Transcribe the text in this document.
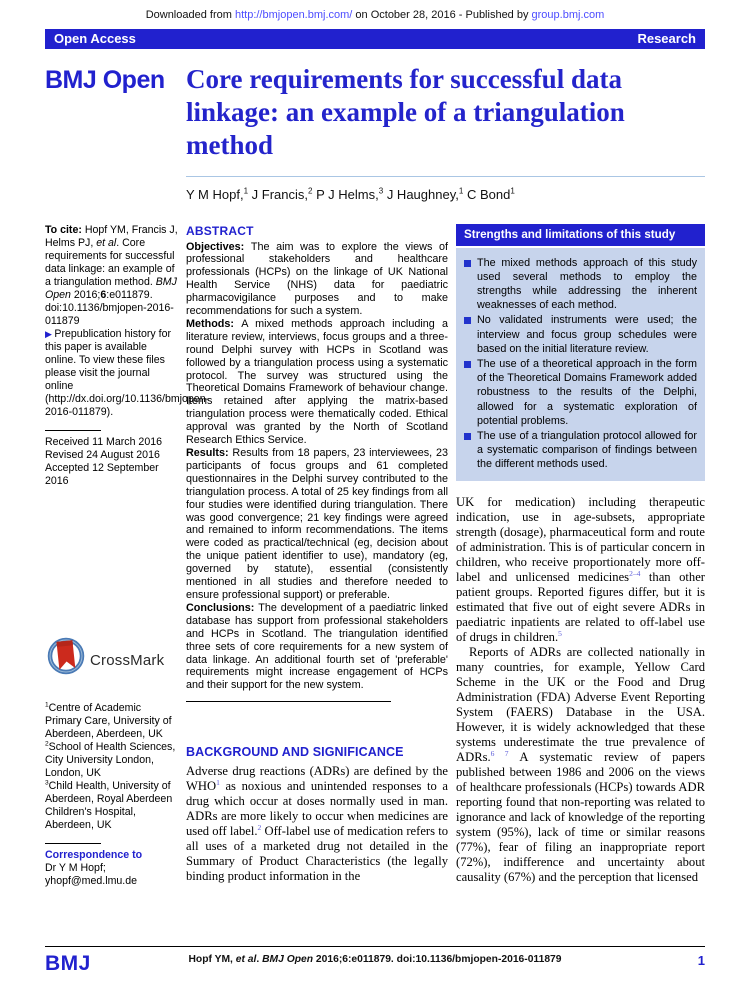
Downloaded from http://bmjopen.bmj.com/ on October 28, 2016 - Published by group.bmj.com
Open Access	Research
BMJ Open Core requirements for successful data linkage: an example of a triangulation method
Y M Hopf,$^1$ J Francis,$^2$ P J Helms,$^3$ J Haughney,$^1$ C Bond$^1$

To cite: Hopf YM, Francis J, Helms PJ, et al. Core requirements for successful data linkage: an example of a triangulation method. BMJ Open 2016;6:e011879. doi:10.1136/bmjopen-2016-011879

▶ Prepublication history for this paper is available online. To view these files please visit the journal online (http://dx.doi.org/10.1136/bmjopen-2016-011879).

Received 11 March 2016
Revised 24 August 2016
Accepted 12 September 2016
CrossMark

$^1$Centre of Academic Primary Care, University of Aberdeen, Aberdeen, UK

$^2$School of Health Sciences, City University London, London, UK

$^3$Child Health, University of Aberdeen, Royal Aberdeen Children's Hospital, Aberdeen, UK

Correspondence to

Dr Y M Hopf;

yhopf@med.lmu.de

ABSTRACT

Objectives: The aim was to explore the views of professional stakeholders and healthcare professionals (HCPs) on the linkage of UK National Health Service (NHS) data for paediatric pharmacovigilance purposes and to make recommendations for such a system.

Methods: A mixed methods approach including a literature review, interviews, focus groups and a three-round Delphi survey with HCPs in Scotland was followed by a triangulation process using a systematic protocol. The survey was structured using the Theoretical Domains Framework of behaviour change. Items retained after applying the matrix-based triangulation process were thematically coded. Ethical approval was granted by the North of Scotland Research Ethics Service.

Results: Results from 18 papers, 23 interviewees, 23 participants of focus groups and 61 completed questionnaires in the Delphi survey contributed to the triangulation process. A total of 25 key findings from all four studies were identified during triangulation. There was good convergence; 21 key findings were agreed and remained to inform recommendations. The items were coded as practical/technical (eg, decision about the unique patient identifier to use), mandatory (eg, governed by statute), essential (consistently mentioned in all studies and therefore needed to ensure professional support) or preferable.

Conclusions: The development of a paediatric linked database has support from professional stakeholders and HCPs in Scotland. The triangulation identified three sets of core requirements for a new system of data linkage. An additional fourth set of 'preferable' requirements might increase engagement of HCPs and their support for the new system.

BACKGROUND AND SIGNIFICANCE

Adverse drug reactions (ADRs) are defined by the WHO$^1$ as noxious and unintended responses to a drug which occur at doses normally used in man. ADRs are more likely to occur when medicines are used off label.$^2$ Off-label use of medication refers to all uses of a marketed drug not detailed in the Summary of Product Characteristics (the legally binding product information in the

Strengths and limitations of this study
The mixed methods approach of this study used several methods to employ the strengths while addressing the inherent weaknesses of each method.
No validated instruments were used; the interview and focus group schedules were based on the initial literature review.
The use of a theoretical approach in the form of the Theoretical Domains Framework added robustness to the results of the Delphi, allowed for a systematic exploration of potential problems.
The use of a triangulation protocol allowed for a systematic comparison of findings between the different methods used.

UK for medication) including therapeutic indication, use in age-subsets, appropriate strength (dosage), pharmaceutical form and route of administration. This is of particular concern in children, who receive proportionately more off-label and unlicensed medicines$^{2-4}$ than other patient groups. Reported figures differ, but it is estimated that five out of eight severe ADRs in paediatric inpatients are related to off-label use of drugs in children.$^5$

Reports of ADRs are collected nationally in many countries, for example, Yellow Card Scheme in the UK or the Food and Drug Administration (FDA) Adverse Event Reporting System (FAERS) Database in the USA. However, it is widely acknowledged that these systems underestimate the true prevalence of ADRs.$^{6 7}$ A systematic review of papers published between 1986 and 2006 on the views of healthcare professionals (HCPs) towards ADR reporting found that non-reporting was related to ignorance and lack of knowledge of the reporting system (95%), lack of time or similar reasons (77%), fear of filing an inappropriate report (72%), indifference and uncertainty about causality (67%) and the perception that licensed

BMJ	Hopf YM, et al. BMJ Open 2016;6:e011879. doi:10.1136/bmjopen-2016-011879	1
